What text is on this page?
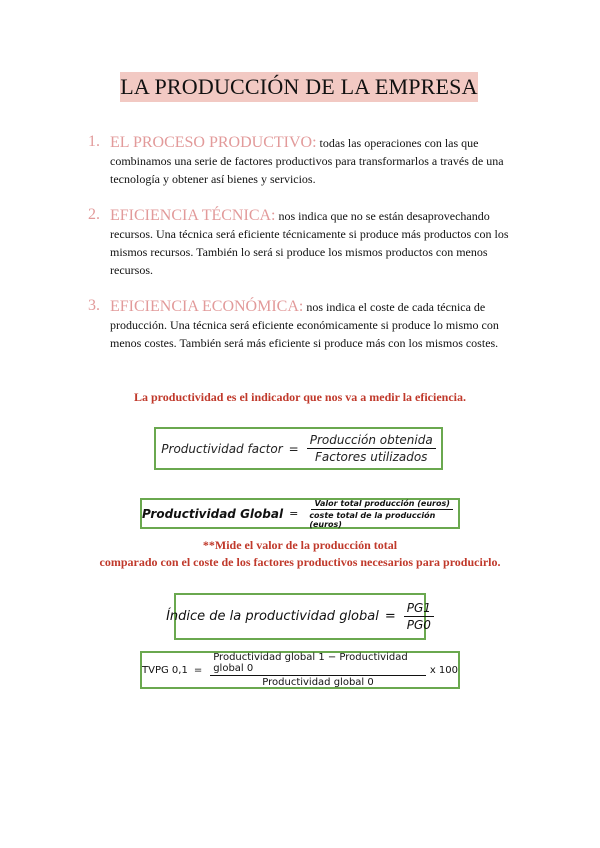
LA PRODUCCIÓN DE LA EMPRESA
1. EL PROCESO PRODUCTIVO: todas las operaciones con las que combinamos una serie de factores productivos para transformarlos a través de una tecnología y obtener así bienes y servicios.
2. EFICIENCIA TÉCNICA: nos indica que no se están desaprovechando recursos. Una técnica será eficiente técnicamente si produce más productos con los mismos recursos. También lo será si produce los mismos productos con menos recursos.
3. EFICIENCIA ECONÓMICA: nos indica el coste de cada técnica de producción. Una técnica será eficiente económicamente si produce lo mismo con menos costes. También será más eficiente si produce más con los mismos costes.
La productividad es el indicador que nos va a medir la eficiencia.
Productividad factor = $\frac{\text{Producción obtenida}}{\text{Factores utilizados}}$
Productividad Global = $\frac{\text{Valor total producción (euros)}}{\text{coste total de la producción (euros)}}$
**Mide el valor de la producción total
comparado con el coste de los factores productivos necesarios para producirlo.
Índice de la productividad global = $\frac{PG1}{PG0}$
TVPG $0,1 = \frac{\text{Productividad global 1 − Productividad global 0}}{\text{Productividad global 0}}$ x 100
